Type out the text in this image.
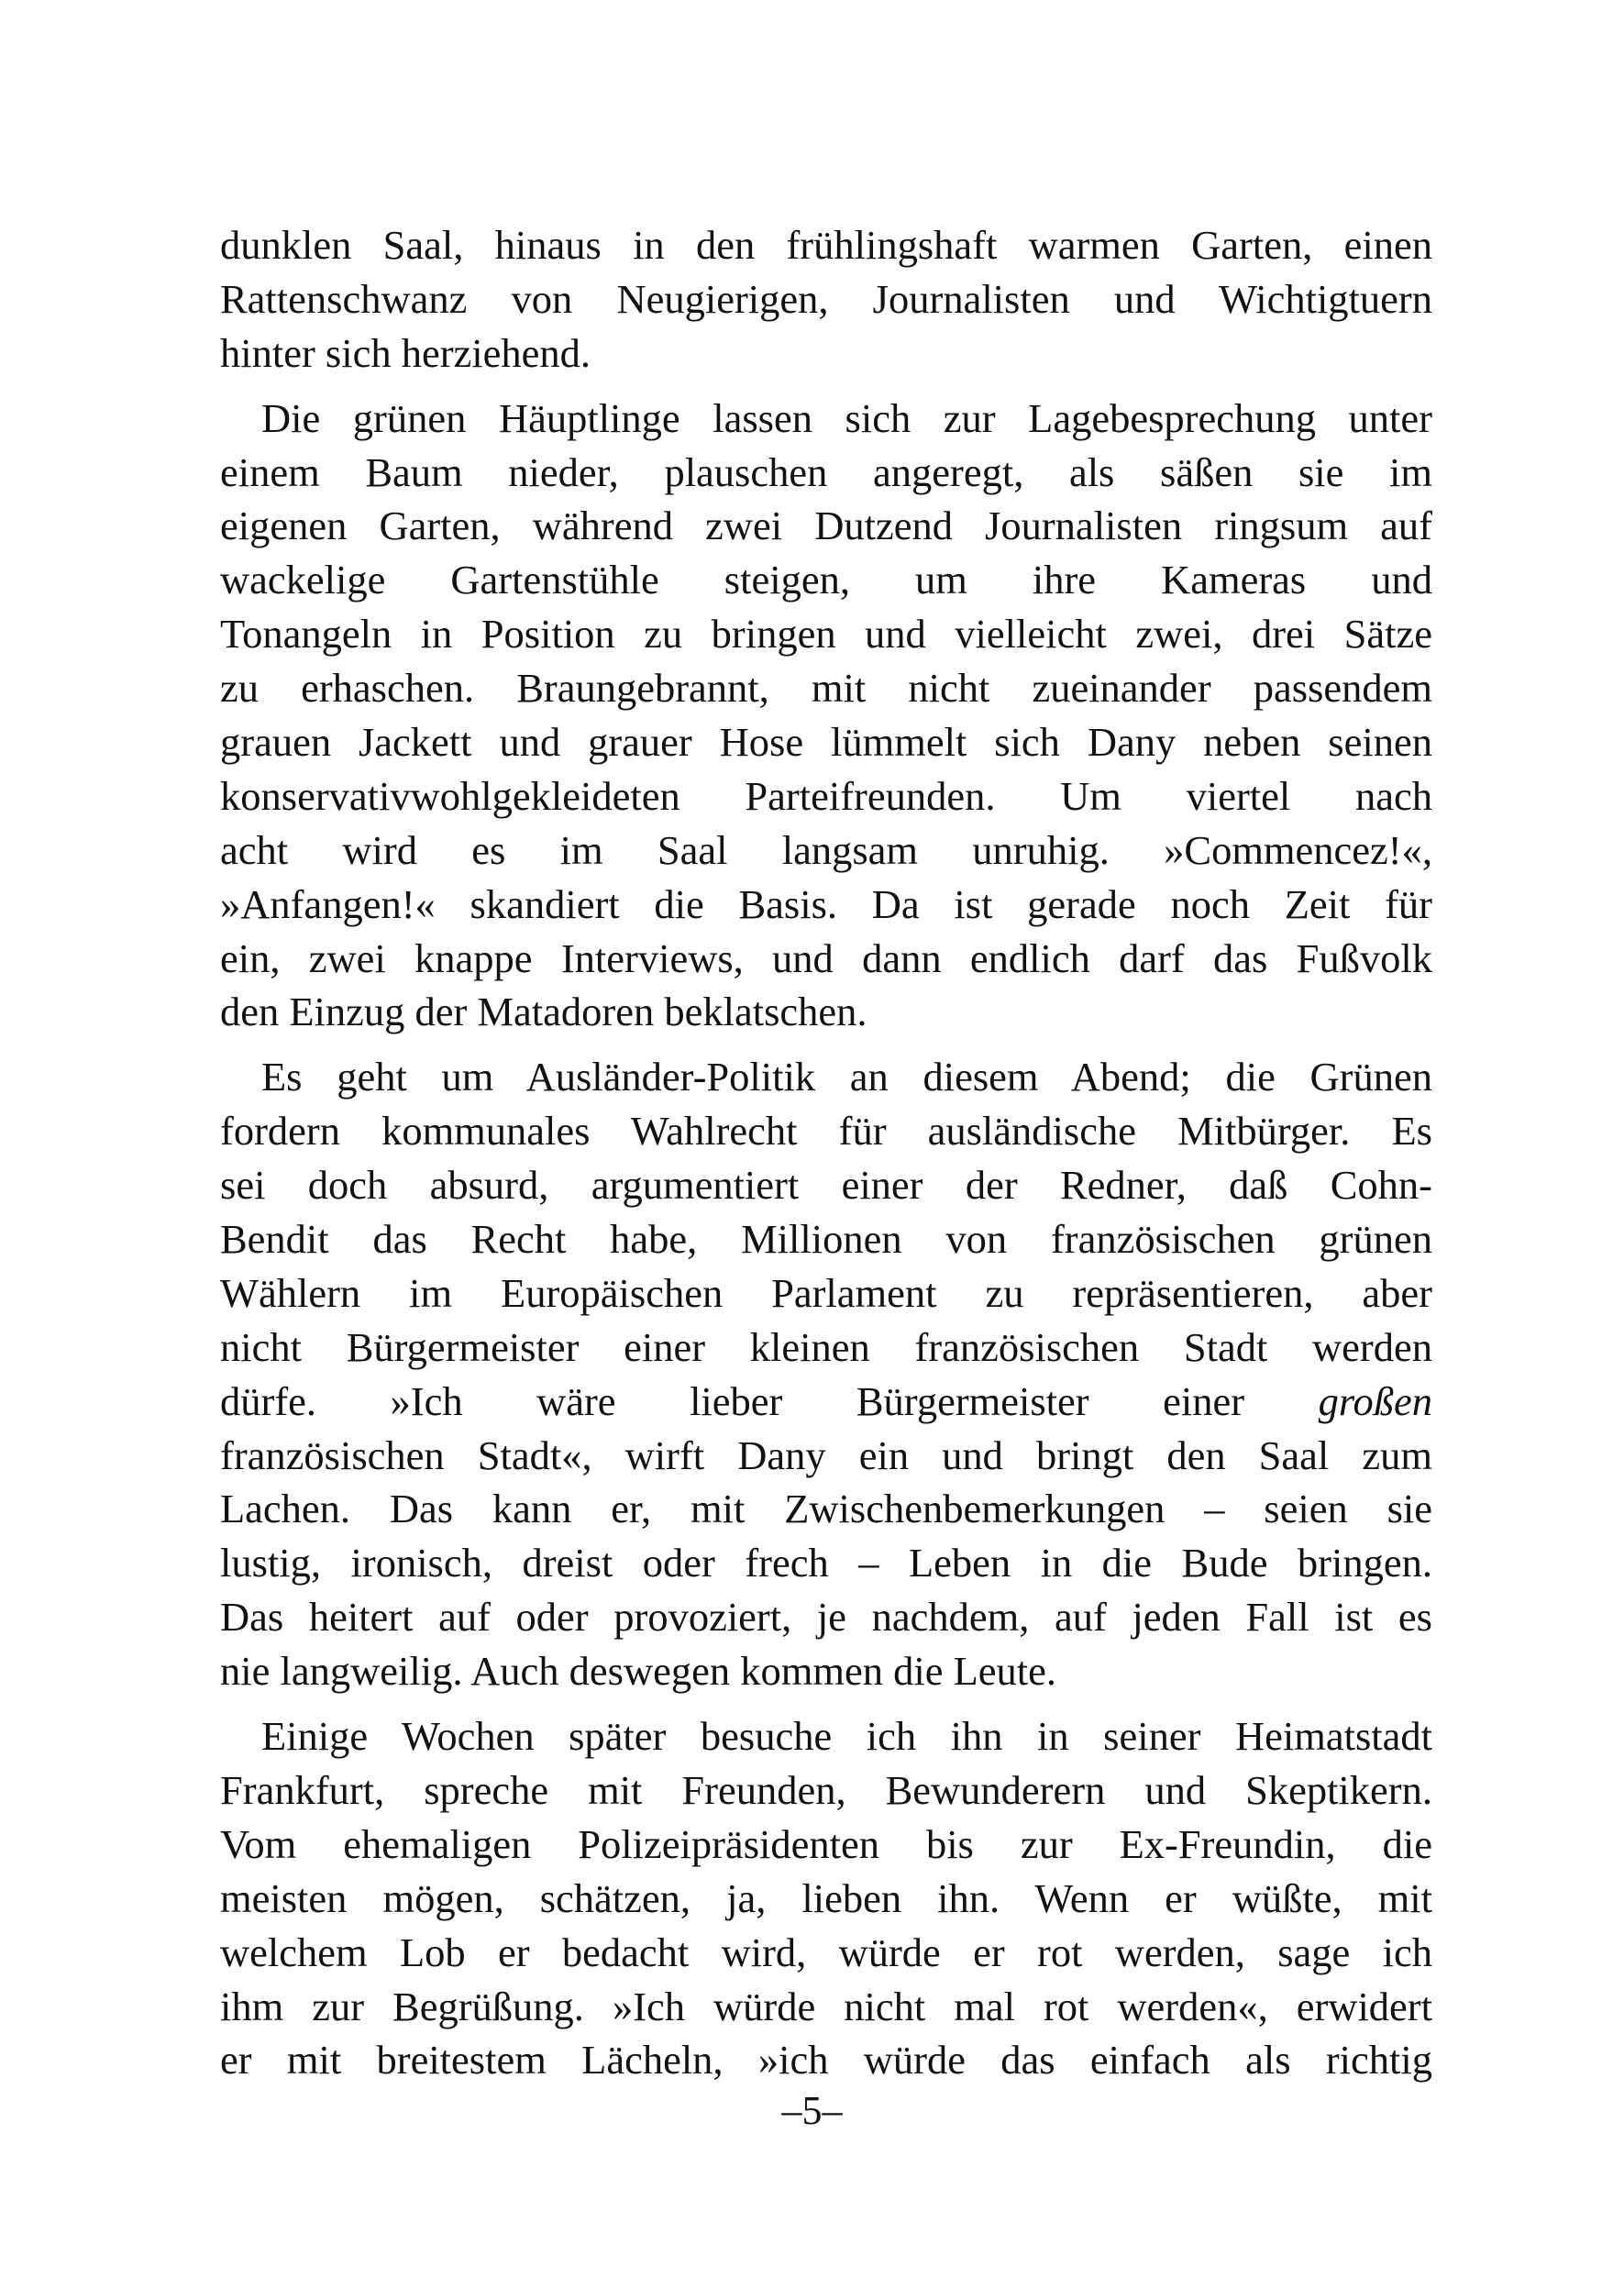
dunklen Saal, hinaus in den frühlingshaft warmen Garten, einen
Rattenschwanz von Neugierigen, Journalisten und Wichtigtuern
hinter sich herziehend.
Die grünen Häuptlinge lassen sich zur Lagebesprechung unter
einem Baum nieder, plauschen angeregt, als säßen sie im
eigenen Garten, während zwei Dutzend Journalisten ringsum auf
wackelige Gartenstühle steigen, um ihre Kameras und
Tonangeln in Position zu bringen und vielleicht zwei, drei Sätze
zu erhaschen. Braungebrannt, mit nicht zueinander passendem
grauen Jackett und grauer Hose lümmelt sich Dany neben seinen
konservativwohlgekleideten Parteifreunden. Um viertel nach
acht wird es im Saal langsam unruhig. »Commencez!«,
»Anfangen!« skandiert die Basis. Da ist gerade noch Zeit für
ein, zwei knappe Interviews, und dann endlich darf das Fußvolk
den Einzug der Matadoren beklatschen.
Es geht um Ausländer-Politik an diesem Abend; die Grünen
fordern kommunales Wahlrecht für ausländische Mitbürger. Es
sei doch absurd, argumentiert einer der Redner, daß Cohn-
Bendit das Recht habe, Millionen von französischen grünen
Wählern im Europäischen Parlament zu repräsentieren, aber
nicht Bürgermeister einer kleinen französischen Stadt werden
dürfe. »Ich wäre lieber Bürgermeister einer großen
französischen Stadt«, wirft Dany ein und bringt den Saal zum
Lachen. Das kann er, mit Zwischenbemerkungen – seien sie
lustig, ironisch, dreist oder frech – Leben in die Bude bringen.
Das heitert auf oder provoziert, je nachdem, auf jeden Fall ist es
nie langweilig. Auch deswegen kommen die Leute.
Einige Wochen später besuche ich ihn in seiner Heimatstadt
Frankfurt, spreche mit Freunden, Bewunderern und Skeptikern.
Vom ehemaligen Polizeipräsidenten bis zur Ex-Freundin, die
meisten mögen, schätzen, ja, lieben ihn. Wenn er wüßte, mit
welchem Lob er bedacht wird, würde er rot werden, sage ich
ihm zur Begrüßung. »Ich würde nicht mal rot werden«, erwidert
er mit breitestem Lächeln, »ich würde das einfach als richtig
–5–
